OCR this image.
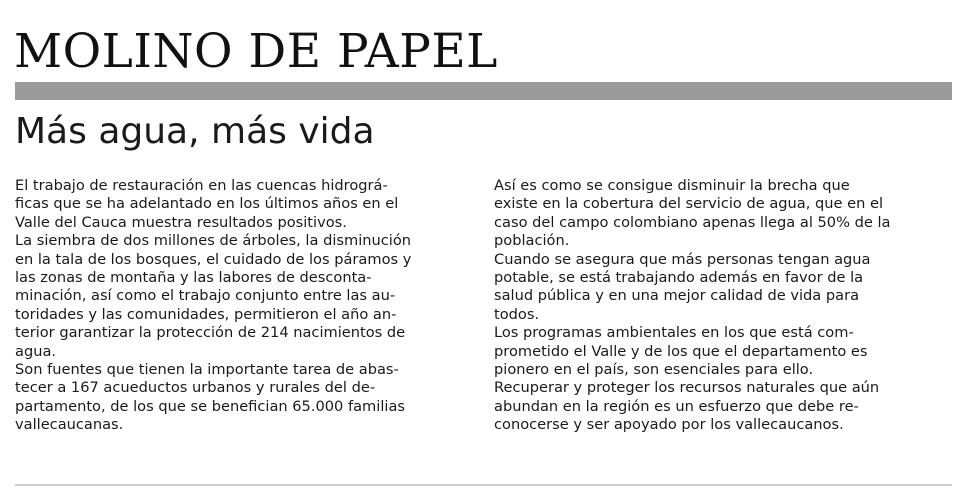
MOLINO DE PAPEL
Más agua, más vida
El trabajo de restauración en las cuencas hidrográ-
ficas que se ha adelantado en los últimos años en el
Valle del Cauca muestra resultados positivos.
La siembra de dos millones de árboles, la disminución
en la tala de los bosques, el cuidado de los páramos y
las zonas de montaña y las labores de desconta-
minación, así como el trabajo conjunto entre las au-
toridades y las comunidades, permitieron el año an-
terior garantizar la protección de 214 nacimientos de
agua.
Son fuentes que tienen la importante tarea de abas-
tecer a 167 acueductos urbanos y rurales del de-
partamento, de los que se benefician 65.000 familias
vallecaucanas.
Así es como se consigue disminuir la brecha que
existe en la cobertura del servicio de agua, que en el
caso del campo colombiano apenas llega al 50% de la
población.
Cuando se asegura que más personas tengan agua
potable, se está trabajando además en favor de la
salud pública y en una mejor calidad de vida para
todos.
Los programas ambientales en los que está com-
prometido el Valle y de los que el departamento es
pionero en el país, son esenciales para ello.
Recuperar y proteger los recursos naturales que aún
abundan en la región es un esfuerzo que debe re-
conocerse y ser apoyado por los vallecaucanos.
